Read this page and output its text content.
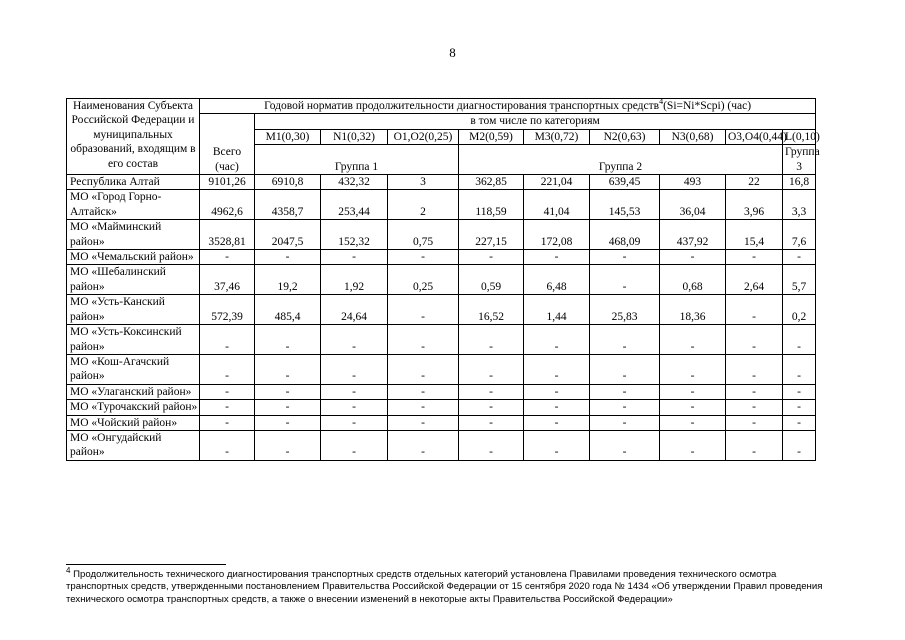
8
Наименования Субъекта Российской Федерации и муниципальных образований, входящим в его состав	Годовой норматив продолжительности диагностирования транспортных средств$^4$(Si=Ni*Scpi) (час)									
	Всего (час)	в том числе по категориям								
		M1(0,30)	N1(0,32)	O1,O2(0,25)	M2(0,59)	M3(0,72)	N2(0,63)	N3(0,68)	O3,O4(0,44)	L(0,10)
		Группа 1			Группа 2					Группа 3
Республика Алтай	9101,26	6910,8	432,32	3	362,85	221,04	639,45	493	22	16,8
МО «Город Горно-Алтайск»	4962,6	4358,7	253,44	2	118,59	41,04	145,53	36,04	3,96	3,3
МО «Майминский район»	3528,81	2047,5	152,32	0,75	227,15	172,08	468,09	437,92	15,4	7,6
МО «Чемальский район»	-	-	-	-	-	-	-	-	-	-
МО «Шебалинский район»	37,46	19,2	1,92	0,25	0,59	6,48	-	0,68	2,64	5,7
МО «Усть-Канский район»	572,39	485,4	24,64	-	16,52	1,44	25,83	18,36	-	0,2
МО «Усть-Коксинский район»	-	-	-	-	-	-	-	-	-	-
МО «Кош-Агачский район»	-	-	-	-	-	-	-	-	-	-
МО «Улаганский район»	-	-	-	-	-	-	-	-	-	-
МО «Турочакский район»	-	-	-	-	-	-	-	-	-	-
МО «Чойский район»	-	-	-	-	-	-	-	-	-	-
МО «Онгудайский район»	-	-	-	-	-	-	-	-	-	-
$^4$ Продолжительность технического диагностирования транспортных средств отдельных категорий установлена Правилами проведения технического осмотра транспортных средств, утвержденными постановлением Правительства Российской Федерации от 15 сентября 2020 года № 1434 «Об утверждении Правил проведения технического осмотра транспортных средств, а также о внесении изменений в некоторые акты Правительства Российской Федерации»
